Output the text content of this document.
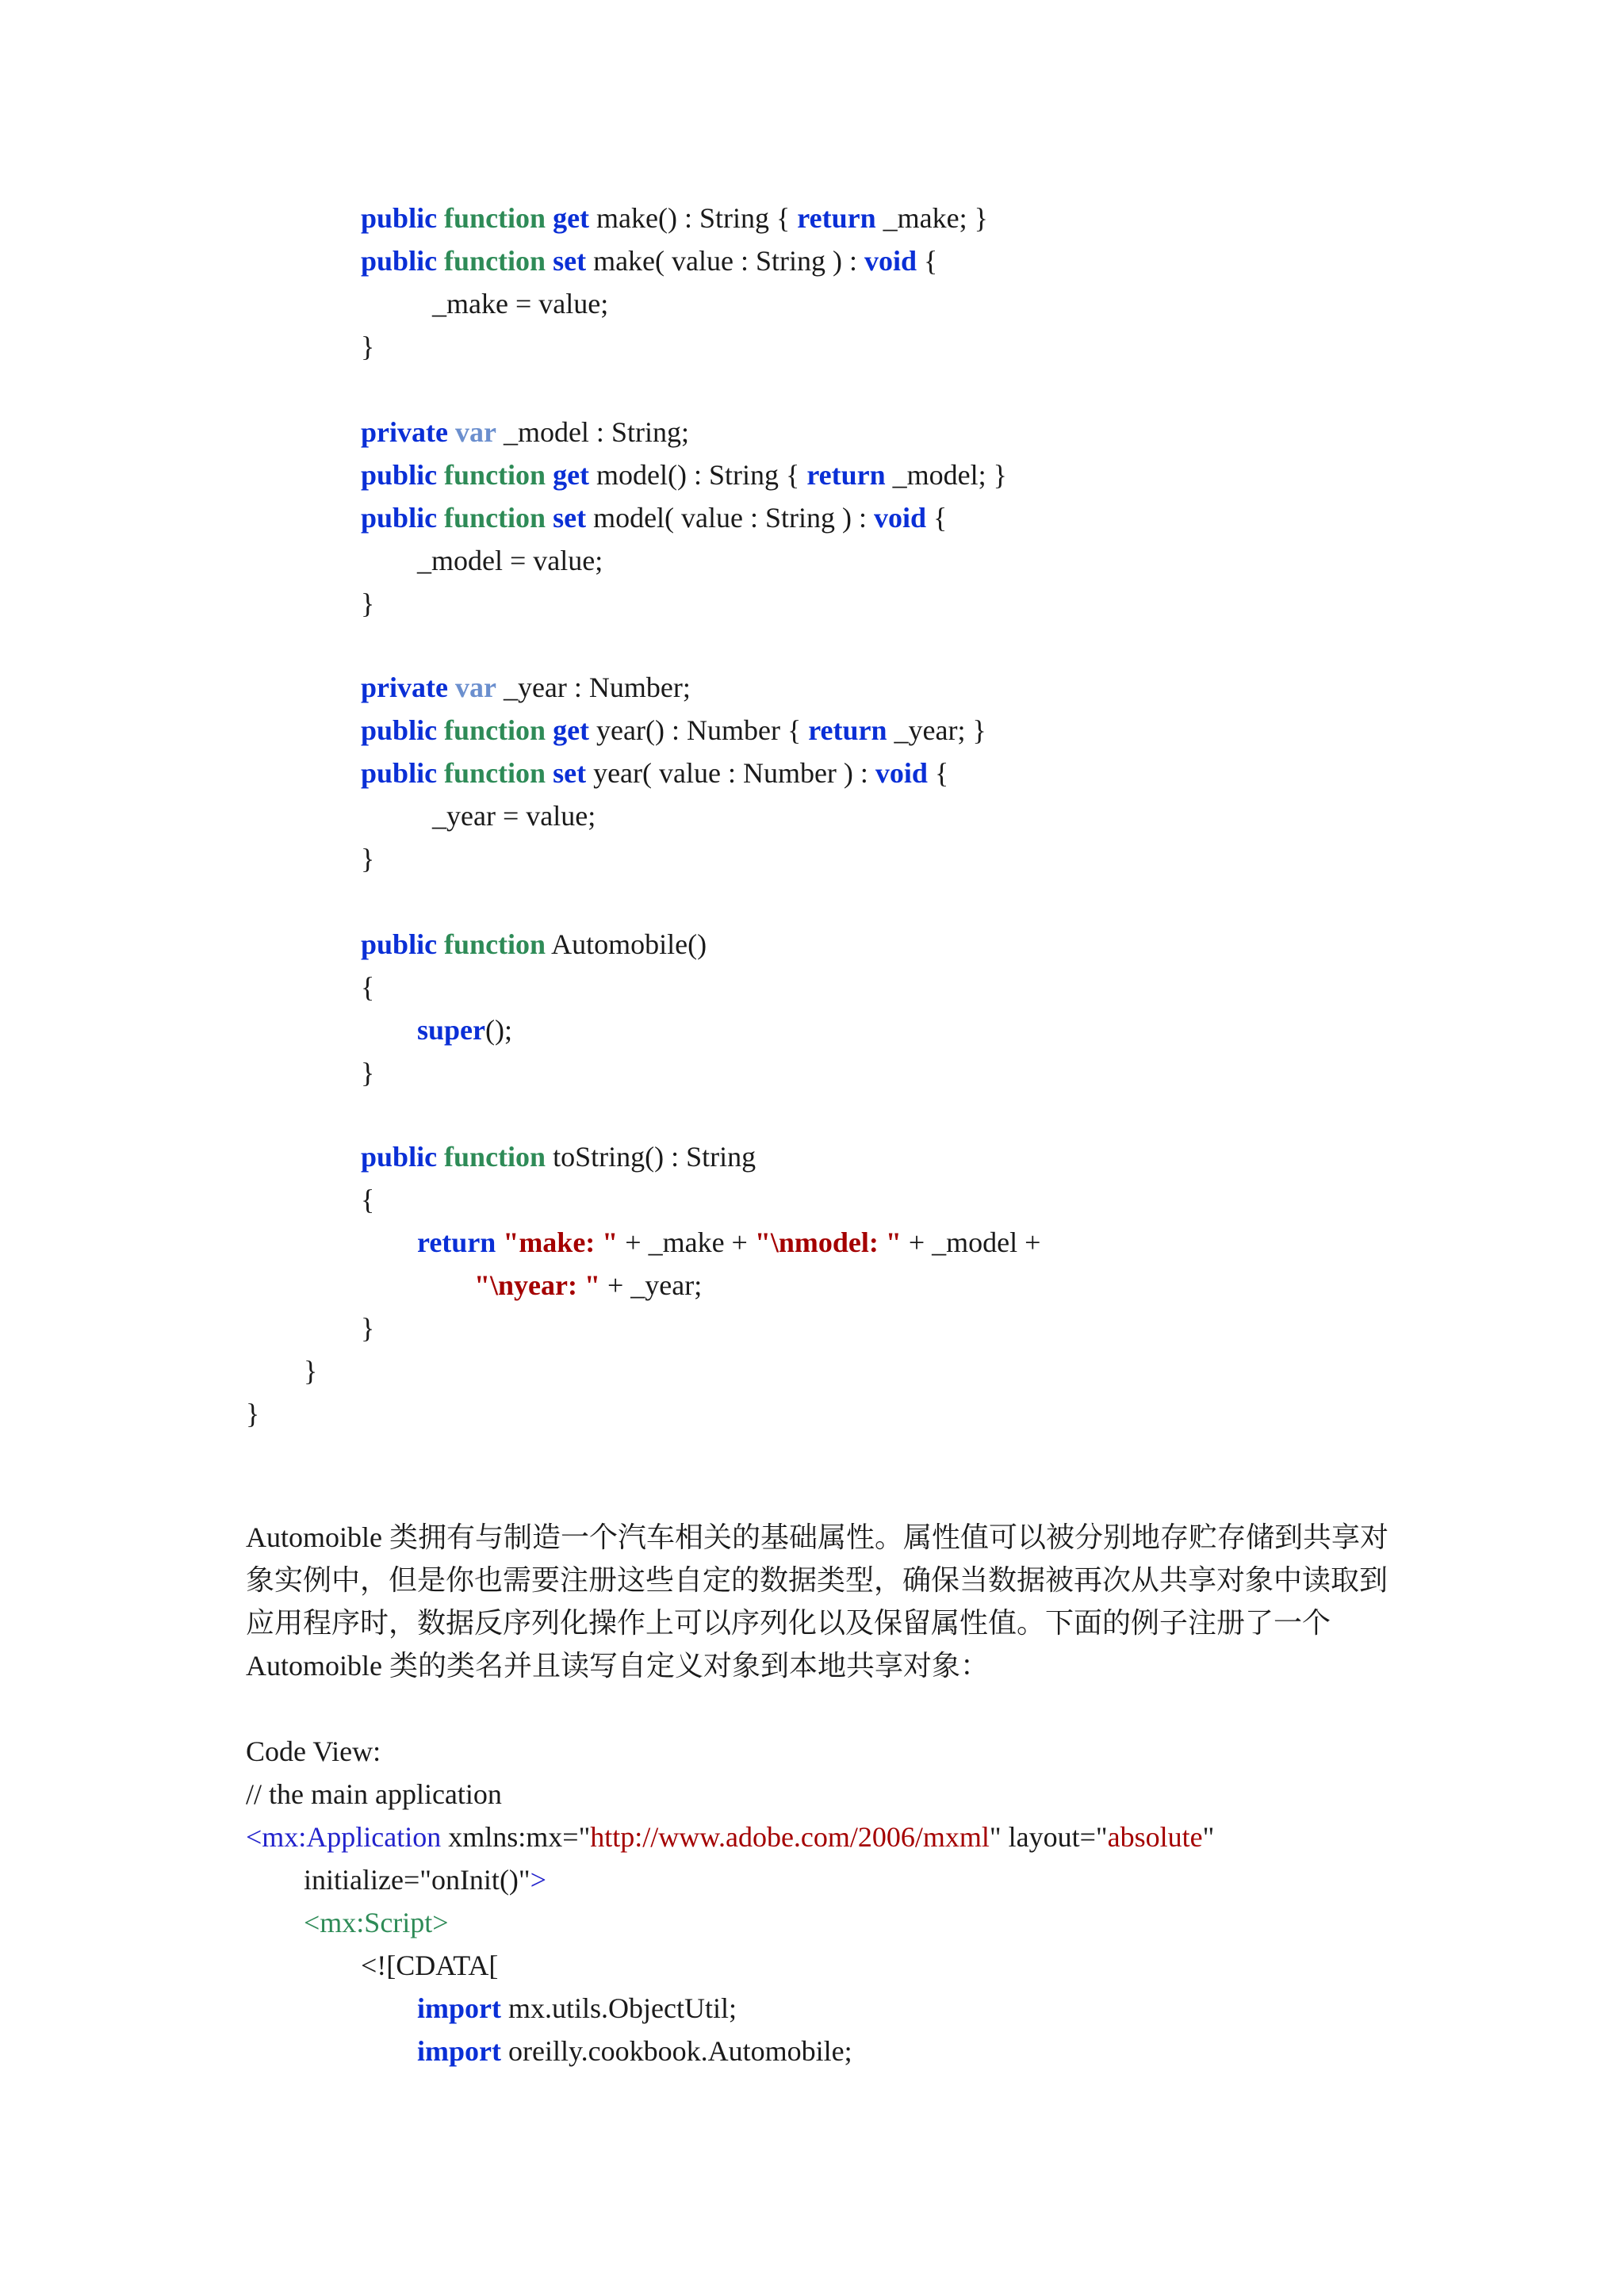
public function get make() : String { return _make; }
public function set make( value : String ) : void {
_make = value;
}
private var _model : String;
public function get model() : String { return _model; }
public function set model( value : String ) : void {
_model = value;
}
private var _year : Number;
public function get year() : Number { return _year; }
public function set year( value : Number ) : void {
_year = value;
}
public function Automobile()
{
super();
}
public function toString() : String
{
return "make: " + _make + "\nmodel: " + _model +
"\nyear: " + _year;
}
}
}
Automoible 类拥有与制造一个汽车相关的基础属性。属性值可以被分别地存贮存储到共享对
象实例中，但是你也需要注册这些自定的数据类型，确保当数据被再次从共享对象中读取到
应用程序时，数据反序列化操作上可以序列化以及保留属性值。下面的例子注册了一个
Automoible 类的类名并且读写自定义对象到本地共享对象：
Code View:
// the main application
<mx:Application xmlns:mx="http://www.adobe.com/2006/mxml" layout="absolute"
initialize="onInit()">
<mx:Script>
<![CDATA[
import mx.utils.ObjectUtil;
import oreilly.cookbook.Automobile;
